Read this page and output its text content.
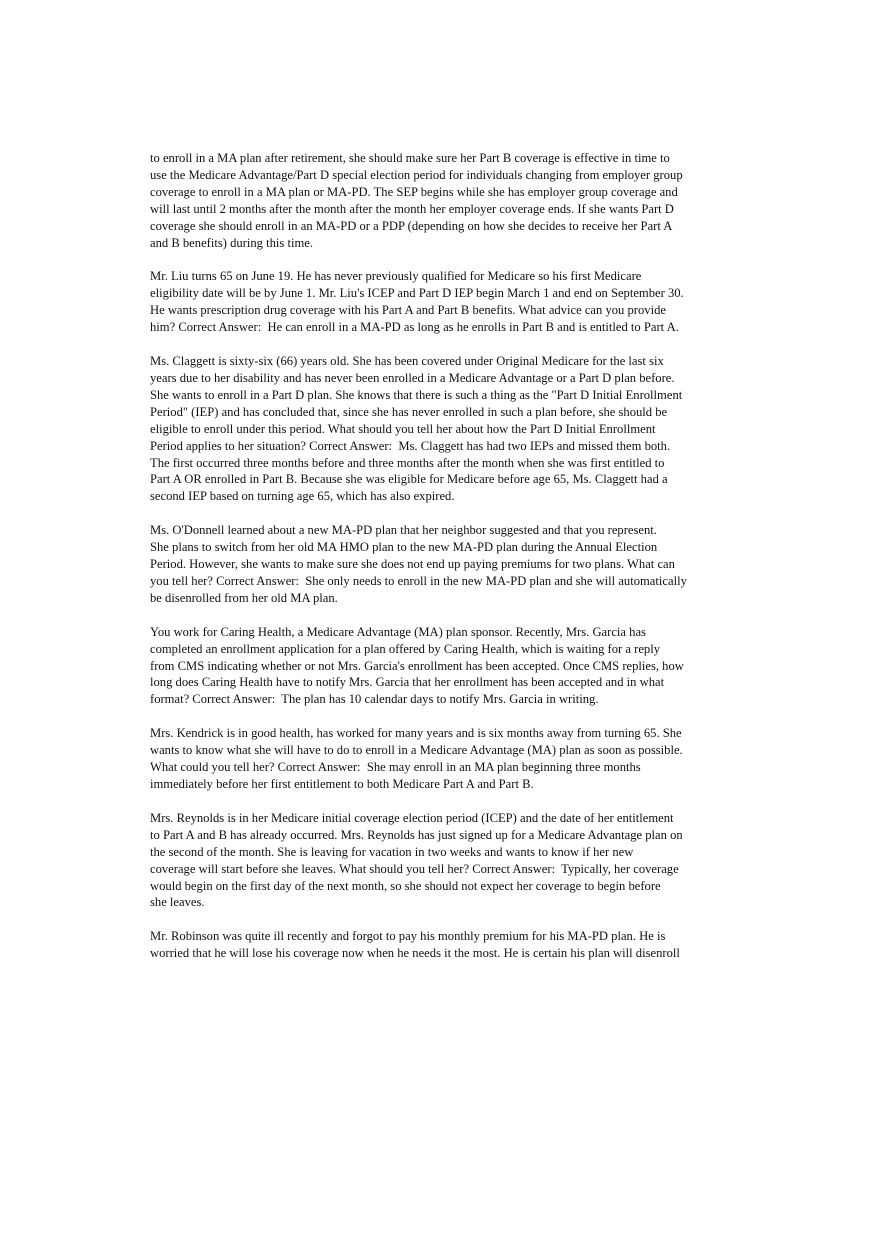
to enroll in a MA plan after retirement, she should make sure her Part B coverage is effective in time to
use the Medicare Advantage/Part D special election period for individuals changing from employer group
coverage to enroll in a MA plan or MA-PD. The SEP begins while she has employer group coverage and
will last until 2 months after the month after the month her employer coverage ends. If she wants Part D
coverage she should enroll in an MA-PD or a PDP (depending on how she decides to receive her Part A
and B benefits) during this time.
Mr. Liu turns 65 on June 19. He has never previously qualified for Medicare so his first Medicare
eligibility date will be by June 1. Mr. Liu's ICEP and Part D IEP begin March 1 and end on September 30.
He wants prescription drug coverage with his Part A and Part B benefits. What advice can you provide
him? Correct Answer:  He can enroll in a MA-PD as long as he enrolls in Part B and is entitled to Part A.
Ms. Claggett is sixty-six (66) years old. She has been covered under Original Medicare for the last six
years due to her disability and has never been enrolled in a Medicare Advantage or a Part D plan before.
She wants to enroll in a Part D plan. She knows that there is such a thing as the "Part D Initial Enrollment
Period" (IEP) and has concluded that, since she has never enrolled in such a plan before, she should be
eligible to enroll under this period. What should you tell her about how the Part D Initial Enrollment
Period applies to her situation? Correct Answer:  Ms. Claggett has had two IEPs and missed them both.
The first occurred three months before and three months after the month when she was first entitled to
Part A OR enrolled in Part B. Because she was eligible for Medicare before age 65, Ms. Claggett had a
second IEP based on turning age 65, which has also expired.
Ms. O'Donnell learned about a new MA-PD plan that her neighbor suggested and that you represent.
She plans to switch from her old MA HMO plan to the new MA-PD plan during the Annual Election
Period. However, she wants to make sure she does not end up paying premiums for two plans. What can
you tell her? Correct Answer:  She only needs to enroll in the new MA-PD plan and she will automatically
be disenrolled from her old MA plan.
You work for Caring Health, a Medicare Advantage (MA) plan sponsor. Recently, Mrs. Garcia has
completed an enrollment application for a plan offered by Caring Health, which is waiting for a reply
from CMS indicating whether or not Mrs. Garcia's enrollment has been accepted. Once CMS replies, how
long does Caring Health have to notify Mrs. Garcia that her enrollment has been accepted and in what
format? Correct Answer:  The plan has 10 calendar days to notify Mrs. Garcia in writing.
Mrs. Kendrick is in good health, has worked for many years and is six months away from turning 65. She
wants to know what she will have to do to enroll in a Medicare Advantage (MA) plan as soon as possible.
What could you tell her? Correct Answer:  She may enroll in an MA plan beginning three months
immediately before her first entitlement to both Medicare Part A and Part B.
Mrs. Reynolds is in her Medicare initial coverage election period (ICEP) and the date of her entitlement
to Part A and B has already occurred. Mrs. Reynolds has just signed up for a Medicare Advantage plan on
the second of the month. She is leaving for vacation in two weeks and wants to know if her new
coverage will start before she leaves. What should you tell her? Correct Answer:  Typically, her coverage
would begin on the first day of the next month, so she should not expect her coverage to begin before
she leaves.
Mr. Robinson was quite ill recently and forgot to pay his monthly premium for his MA-PD plan. He is
worried that he will lose his coverage now when he needs it the most. He is certain his plan will disenroll
